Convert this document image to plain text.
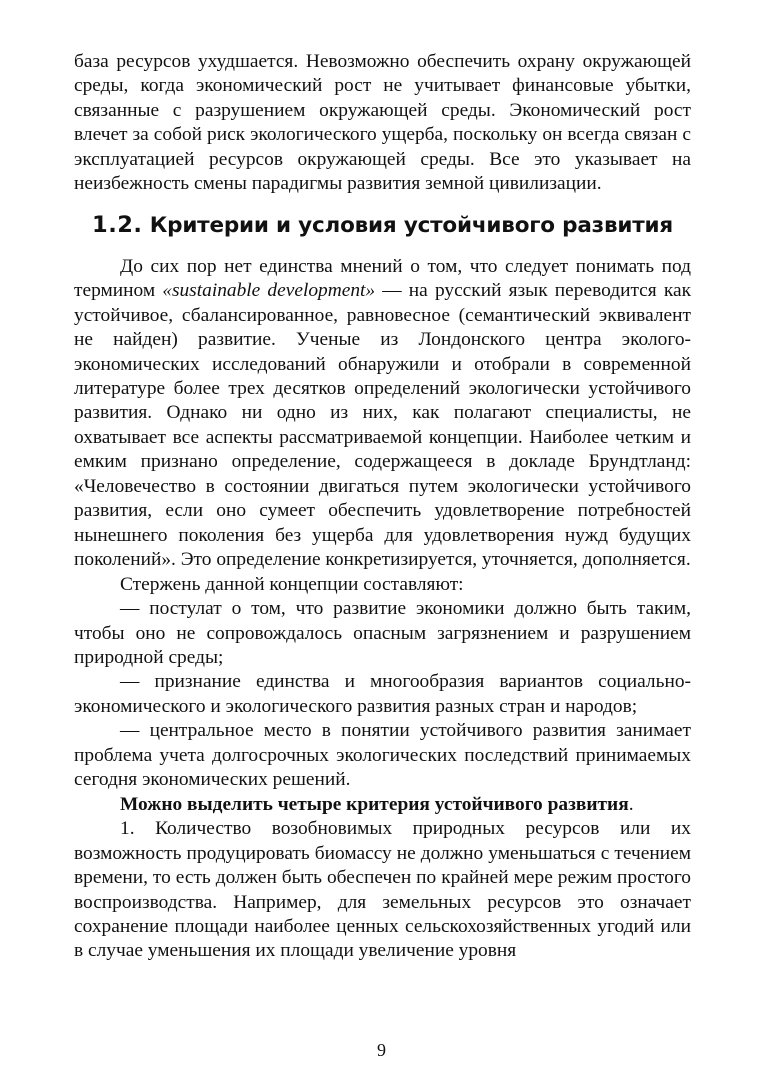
база ресурсов ухудшается. Невозможно обеспечить охрану окружающей среды, когда экономический рост не учитывает финансовые убытки, связанные с разрушением окружающей среды. Экономический рост влечет за собой риск экологического ущерба, поскольку он всегда связан с эксплуатацией ресурсов окружающей среды. Все это указывает на неизбежность смены парадигмы развития земной цивилизации.

1.2. Критерии и условия устойчивого развития

До сих пор нет единства мнений о том, что следует понимать под термином «sustainable development» — на русский язык переводится как устойчивое, сбалансированное, равновесное (семантический эквивалент не найден) развитие. Ученые из Лондонского центра эколого-экономических исследований обнаружили и отобрали в современной литературе более трех десятков определений экологически устойчивого развития. Однако ни одно из них, как полагают специалисты, не охватывает все аспекты рассматриваемой концепции. Наиболее четким и емким признано определение, содержащееся в докладе Брундтланд: «Человечество в состоянии двигаться путем экологически устойчивого развития, если оно сумеет обеспечить удовлетворение потребностей нынешнего поколения без ущерба для удовлетворения нужд будущих поколений». Это определение конкретизируется, уточняется, дополняется.

Стержень данной концепции составляют:

— постулат о том, что развитие экономики должно быть таким, чтобы оно не сопровождалось опасным загрязнением и разрушением природной среды;

— признание единства и многообразия вариантов социально-экономического и экологического развития разных стран и народов;

— центральное место в понятии устойчивого развития занимает проблема учета долгосрочных экологических последствий принимаемых сегодня экономических решений.

Можно выделить четыре критерия устойчивого развития.

1. Количество возобновимых природных ресурсов или их возможность продуцировать биомассу не должно уменьшаться с течением времени, то есть должен быть обеспечен по крайней мере режим простого воспроизводства. Например, для земельных ресурсов это означает сохранение площади наиболее ценных сельскохозяйственных угодий или в случае уменьшения их площади увеличение уровня

9
